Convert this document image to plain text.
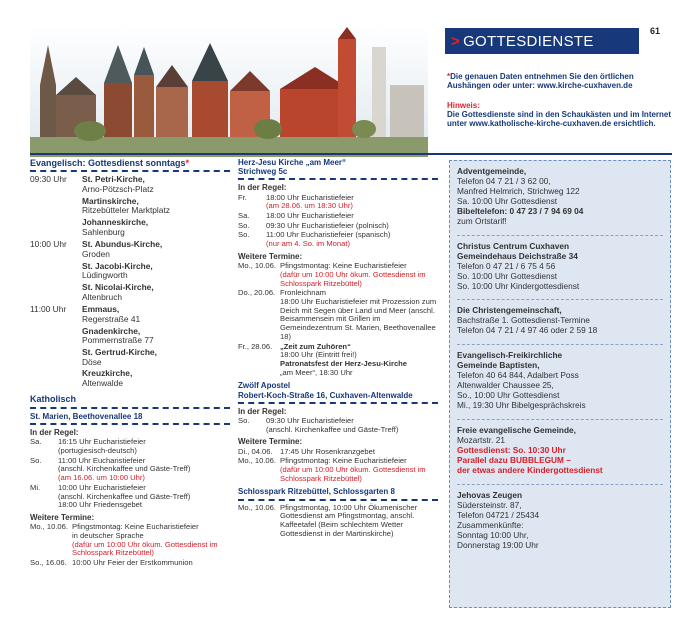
> GOTTESDIENSTE
61
*Die genauen Daten entnehmen Sie den örtlichen Aushängen oder unter: www.kirche-cuxhaven.de
Hinweis:
Die Gottesdienste sind in den Schaukästen und im Internet unter www.katholische-kirche-cuxhaven.de ersichtlich.
Evangelisch: Gottesdienst sonntags*
09:30 Uhr	St. Petri-Kirche,
Arno-Pötzsch-Platz
Martinskirche,
Ritzebütteler Marktplatz
Johanneskirche,
Sahlenburg
10:00 Uhr	St. Abundus-Kirche,
Groden
St. Jacobi-Kirche,
Lüdingworth
St. Nicolai-Kirche,
Altenbruch
11:00 Uhr	Emmaus,
Regerstraße 41
Gnadenkirche,
Pommernstraße 77
St. Gertrud-Kirche,
Döse
Kreuzkirche,
Altenwalde
Katholisch
St. Marien, Beethovenallee 18
In der Regel:
Sa.	16:15 Uhr Eucharistiefeier
(portugiesisch-deutsch)
So.	11:00 Uhr Eucharistiefeier
(anschl. Kirchenkaffee und Gäste-Treff)
(am 16.06. um 10:00 Uhr)
Mi.	10:00 Uhr Eucharistiefeier
(anschl. Kirchenkaffee und Gäste-Treff)
18:00 Uhr Friedensgebet
Weitere Termine:
Mo., 10.06. Pfingstmontag: Keine Eucharistiefeier
in deutscher Sprache
(dafür um 10:00 Uhr ökum. Gottesdienst im Schlosspark Ritzebüttel)
So., 16.06. 10:00 Uhr Feier der Erstkommunion
Herz-Jesu Kirche „am Meer“
Strichweg 5c
In der Regel:
Fr.	18:00 Uhr Eucharistiefeier
(am 28.06. um 18:30 Uhr)
Sa.	18:00 Uhr Eucharistiefeier
So.	09:30 Uhr Eucharistiefeier (polnisch)
So.	11:00 Uhr Eucharistiefeier (spanisch)
(nur am 4. So. im Monat)
Weitere Termine:
Mo., 10.06. Pfingstmontag: Keine Eucharistiefeier
(dafür um 10:00 Uhr ökum. Gottesdienst im Schlosspark Ritzebüttel)
Do., 20.06. Fronleichnam
18:00 Uhr Eucharistiefeier mit Prozession zum Deich mit Segen über Land und Meer (anschl. Beisammensein mit Grillen im Gemeindezentrum St. Marien, Beethovenallee 18)
Fr., 28.06.	„Zeit zum Zuhören“
18:00 Uhr (Eintritt frei!)
Patronatsfest der Herz-Jesu-Kirche
„am Meer“, 18:30 Uhr
Zwölf Apostel
Robert-Koch-Straße 16, Cuxhaven-Altenwalde
In der Regel:
So.	09:30 Uhr Eucharistiefeier
(anschl. Kirchenkaffee und Gäste-Treff)
Weitere Termine:
Di., 04.06. 17:45 Uhr Rosenkranzgebet
Mo., 10.06. Pfingstmontag: Keine Eucharistiefeier
(dafür um 10:00 Uhr ökum. Gottesdienst im Schlosspark Ritzebüttel)
Schlosspark Ritzebüttel, Schlossgarten 8
Mo., 10.06. Pfingstmontag, 10:00 Uhr Ökumenischer Gottesdienst am Pfingstmontag, anschl. Kaffeetafel (Beim schlechtem Wetter Gottesdienst in der Martinskirche)
Adventgemeinde,
Telefon 04 7 21 / 3 62 00,
Manfred Helmrich, Strichweg 122
Sa. 10:00 Uhr Gottesdienst
Bibeltelefon: 0 47 23 / 7 94 69 04
zum Ortstarif!
Christus Centrum Cuxhaven
Gemeindehaus Deichstraße 34
Telefon 0 47 21 / 6 75 4 56
So. 10:00 Uhr Gottesdienst
So. 10:00 Uhr Kindergottesdienst
Die Christengemeinschaft,
Bachstraße 1. Gottesdienst-Termine
Telefon 04 7 21 / 4 97 46 oder 2 59 18
Evangelisch-Freikirchliche
Gemeinde Baptisten,
Telefon 40 64 844, Adalbert Poss
Altenwalder Chaussee 25,
So., 10:00 Uhr Gottesdienst
Mi., 19:30 Uhr Bibelgesprächskreis
Freie evangelische Gemeinde,
Mozartstr. 21
Gottesdienst: So. 10:30 Uhr
Parallel dazu BUBBLEGUM –
der etwas andere Kindergottesdienst
Jehovas Zeugen
Südersteinstr. 87,
Telefon 04721 / 25434
Zusammenkünfte:
Sonntag 10:00 Uhr,
Donnerstag 19:00 Uhr
